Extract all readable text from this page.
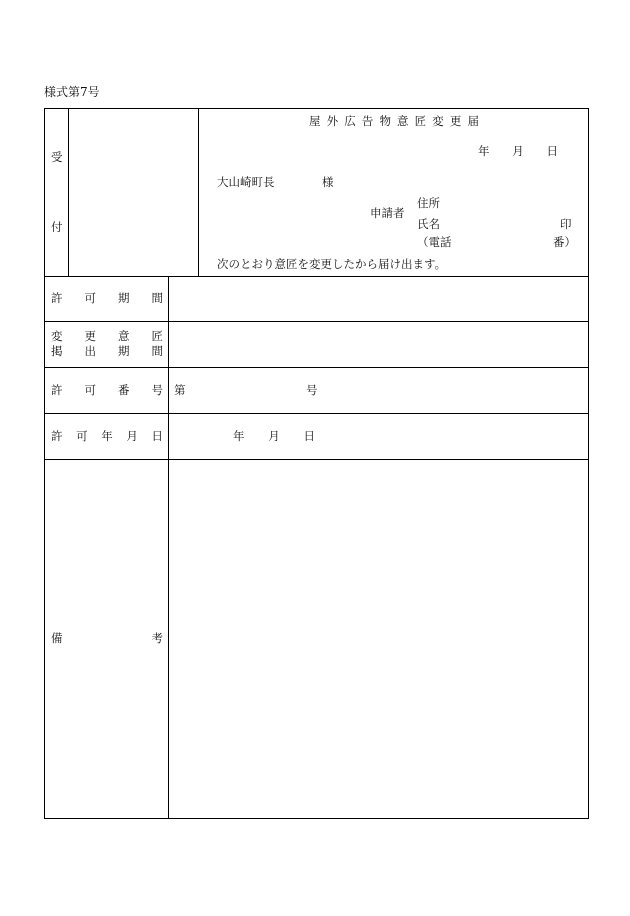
様式第7号
受
付
屋 外 広 告 物 意 匠 変 更 届
年 月 日
大山崎町長	様
住所
申請者
氏名	印
（電話	番）
次のとおり意匠を変更したから届け出ます。
許 可 期 間
変 更 意 匠
掲 出 期 間
許 可 番 号 第	号
許 可 年 月 日	年 月 日
備	考
